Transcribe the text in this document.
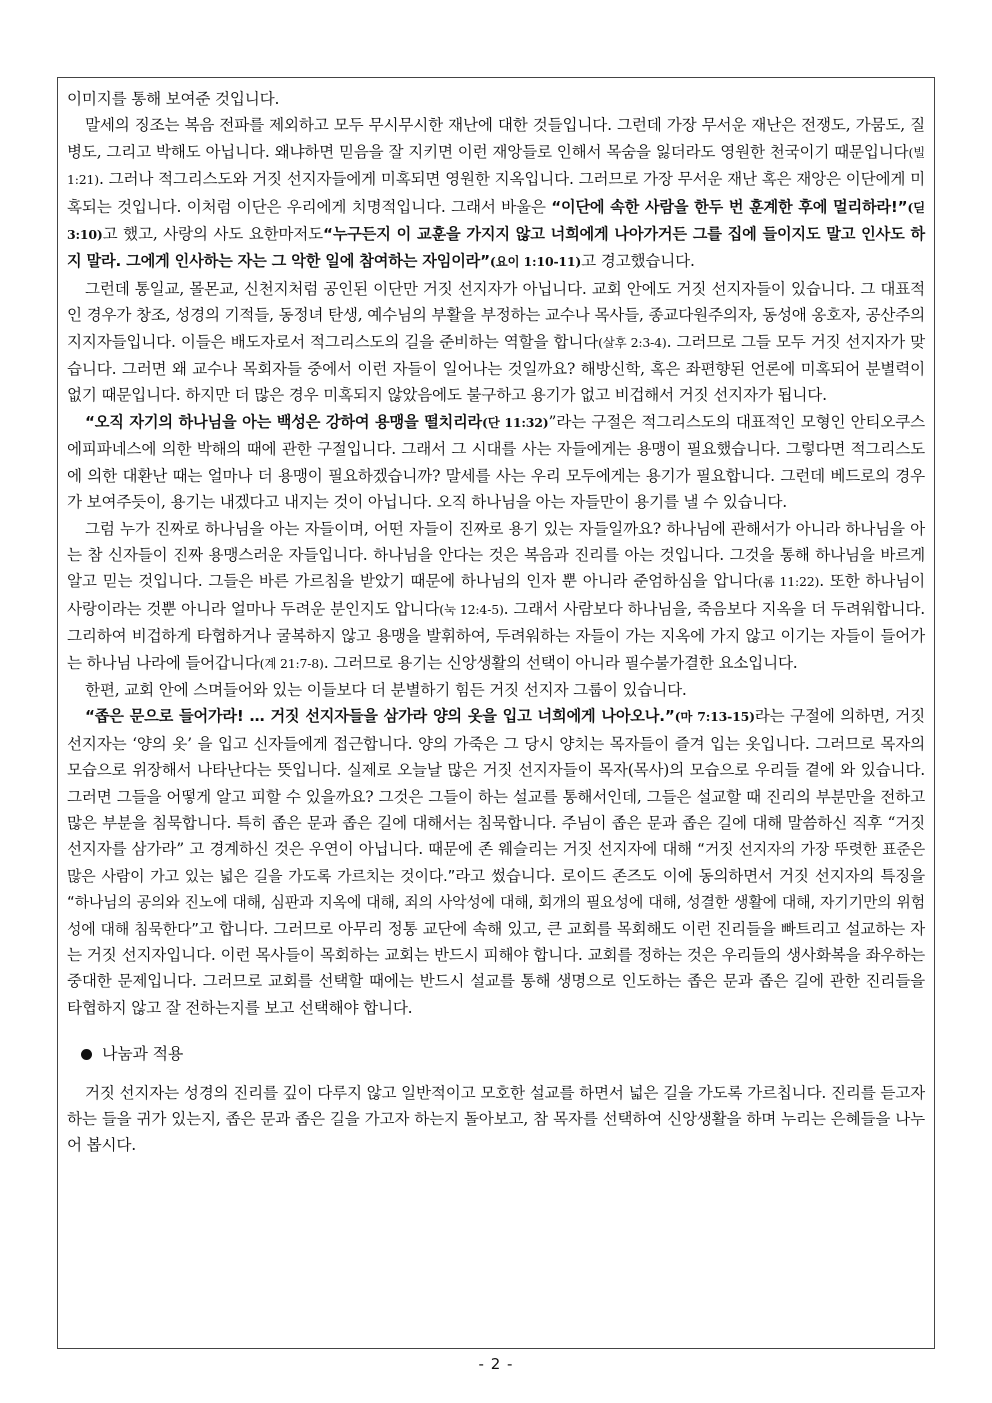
이미지를 통해 보여준 것입니다.

말세의 징조는 복음 전파를 제외하고 모두 무시무시한 재난에 대한 것들입니다. 그런데 가장 무서운 재난은 전쟁도, 가뭄도, 질병도, 그리고 박해도 아닙니다. 왜냐하면 믿음을 잘 지키면 이런 재앙들로 인해서 목숨을 잃더라도 영원한 천국이기 때문입니다(빌 1:21). 그러나 적그리스도와 거짓 선지자들에게 미혹되면 영원한 지옥입니다. 그러므로 가장 무서운 재난 혹은 재앙은 이단에게 미혹되는 것입니다. 이처럼 이단은 우리에게 치명적입니다. 그래서 바울은 “이단에 속한 사람을 한두 번 훈계한 후에 멀리하라!”(딛 3:10)고 했고, 사랑의 사도 요한마저도“누구든지 이 교훈을 가지지 않고 너희에게 나아가거든 그를 집에 들이지도 말고 인사도 하지 말라. 그에게 인사하는 자는 그 악한 일에 참여하는 자임이라”(요이 1:10-11)고 경고했습니다.

그런데 통일교, 몰몬교, 신천지처럼 공인된 이단만 거짓 선지자가 아닙니다. 교회 안에도 거짓 선지자들이 있습니다. 그 대표적인 경우가 창조, 성경의 기적들, 동정녀 탄생, 예수님의 부활을 부정하는 교수나 목사들, 종교다원주의자, 동성애 옹호자, 공산주의 지지자들입니다. 이들은 배도자로서 적그리스도의 길을 준비하는 역할을 합니다(살후 2:3-4). 그러므로 그들 모두 거짓 선지자가 맞습니다. 그러면 왜 교수나 목회자들 중에서 이런 자들이 일어나는 것일까요? 해방신학, 혹은 좌편향된 언론에 미혹되어 분별력이 없기 때문입니다. 하지만 더 많은 경우 미혹되지 않았음에도 불구하고 용기가 없고 비겁해서 거짓 선지자가 됩니다.

“오직 자기의 하나님을 아는 백성은 강하여 용맹을 떨치리라(단 11:32)”라는 구절은 적그리스도의 대표적인 모형인 안티오쿠스 에피파네스에 의한 박해의 때에 관한 구절입니다. 그래서 그 시대를 사는 자들에게는 용맹이 필요했습니다. 그렇다면 적그리스도에 의한 대환난 때는 얼마나 더 용맹이 필요하겠습니까? 말세를 사는 우리 모두에게는 용기가 필요합니다. 그런데 베드로의 경우가 보여주듯이, 용기는 내겠다고 내지는 것이 아닙니다. 오직 하나님을 아는 자들만이 용기를 낼 수 있습니다.

그럼 누가 진짜로 하나님을 아는 자들이며, 어떤 자들이 진짜로 용기 있는 자들일까요? 하나님에 관해서가 아니라 하나님을 아는 참 신자들이 진짜 용맹스러운 자들입니다. 하나님을 안다는 것은 복음과 진리를 아는 것입니다. 그것을 통해 하나님을 바르게 알고 믿는 것입니다. 그들은 바른 가르침을 받았기 때문에 하나님의 인자 뿐 아니라 준엄하심을 압니다(롬 11:22). 또한 하나님이 사랑이라는 것뿐 아니라 얼마나 두려운 분인지도 압니다(눅 12:4-5). 그래서 사람보다 하나님을, 죽음보다 지옥을 더 두려워합니다. 그리하여 비겁하게 타협하거나 굴복하지 않고 용맹을 발휘하여, 두려워하는 자들이 가는 지옥에 가지 않고 이기는 자들이 들어가는 하나님 나라에 들어갑니다(계 21:7-8). 그러므로 용기는 신앙생활의 선택이 아니라 필수불가결한 요소입니다.

한편, 교회 안에 스며들어와 있는 이들보다 더 분별하기 힘든 거짓 선지자 그룹이 있습니다.

“좁은 문으로 들어가라! … 거짓 선지자들을 삼가라 양의 옷을 입고 너희에게 나아오나.”(마 7:13-15)라는 구절에 의하면, 거짓 선지자는 ‘양의 옷’ 을 입고 신자들에게 접근합니다. 양의 가죽은 그 당시 양치는 목자들이 즐겨 입는 옷입니다. 그러므로 목자의 모습으로 위장해서 나타난다는 뜻입니다. 실제로 오늘날 많은 거짓 선지자들이 목자(목사)의 모습으로 우리들 곁에 와 있습니다. 그러면 그들을 어떻게 알고 피할 수 있을까요? 그것은 그들이 하는 설교를 통해서인데, 그들은 설교할 때 진리의 부분만을 전하고 많은 부분을 침묵합니다. 특히 좁은 문과 좁은 길에 대해서는 침묵합니다. 주님이 좁은 문과 좁은 길에 대해 말씀하신 직후 “거짓 선지자를 삼가라” 고 경계하신 것은 우연이 아닙니다. 때문에 존 웨슬리는 거짓 선지자에 대해 “거짓 선지자의 가장 뚜렷한 표준은 많은 사람이 가고 있는 넓은 길을 가도록 가르치는 것이다.”라고 썼습니다. 로이드 존즈도 이에 동의하면서 거짓 선지자의 특징을 “하나님의 공의와 진노에 대해, 심판과 지옥에 대해, 죄의 사악성에 대해, 회개의 필요성에 대해, 성결한 생활에 대해, 자기기만의 위험성에 대해 침묵한다”고 합니다. 그러므로 아무리 정통 교단에 속해 있고, 큰 교회를 목회해도 이런 진리들을 빠트리고 설교하는 자는 거짓 선지자입니다. 이런 목사들이 목회하는 교회는 반드시 피해야 합니다. 교회를 정하는 것은 우리들의 생사화복을 좌우하는 중대한 문제입니다. 그러므로 교회를 선택할 때에는 반드시 설교를 통해 생명으로 인도하는 좁은 문과 좁은 길에 관한 진리들을 타협하지 않고 잘 전하는지를 보고 선택해야 합니다.

나눔과 적용

거짓 선지자는 성경의 진리를 깊이 다루지 않고 일반적이고 모호한 설교를 하면서 넓은 길을 가도록 가르칩니다. 진리를 듣고자 하는 들을 귀가 있는지, 좁은 문과 좁은 길을 가고자 하는지 돌아보고, 참 목자를 선택하여 신앙생활을 하며 누리는 은혜들을 나누어 봅시다.

- 2 -
